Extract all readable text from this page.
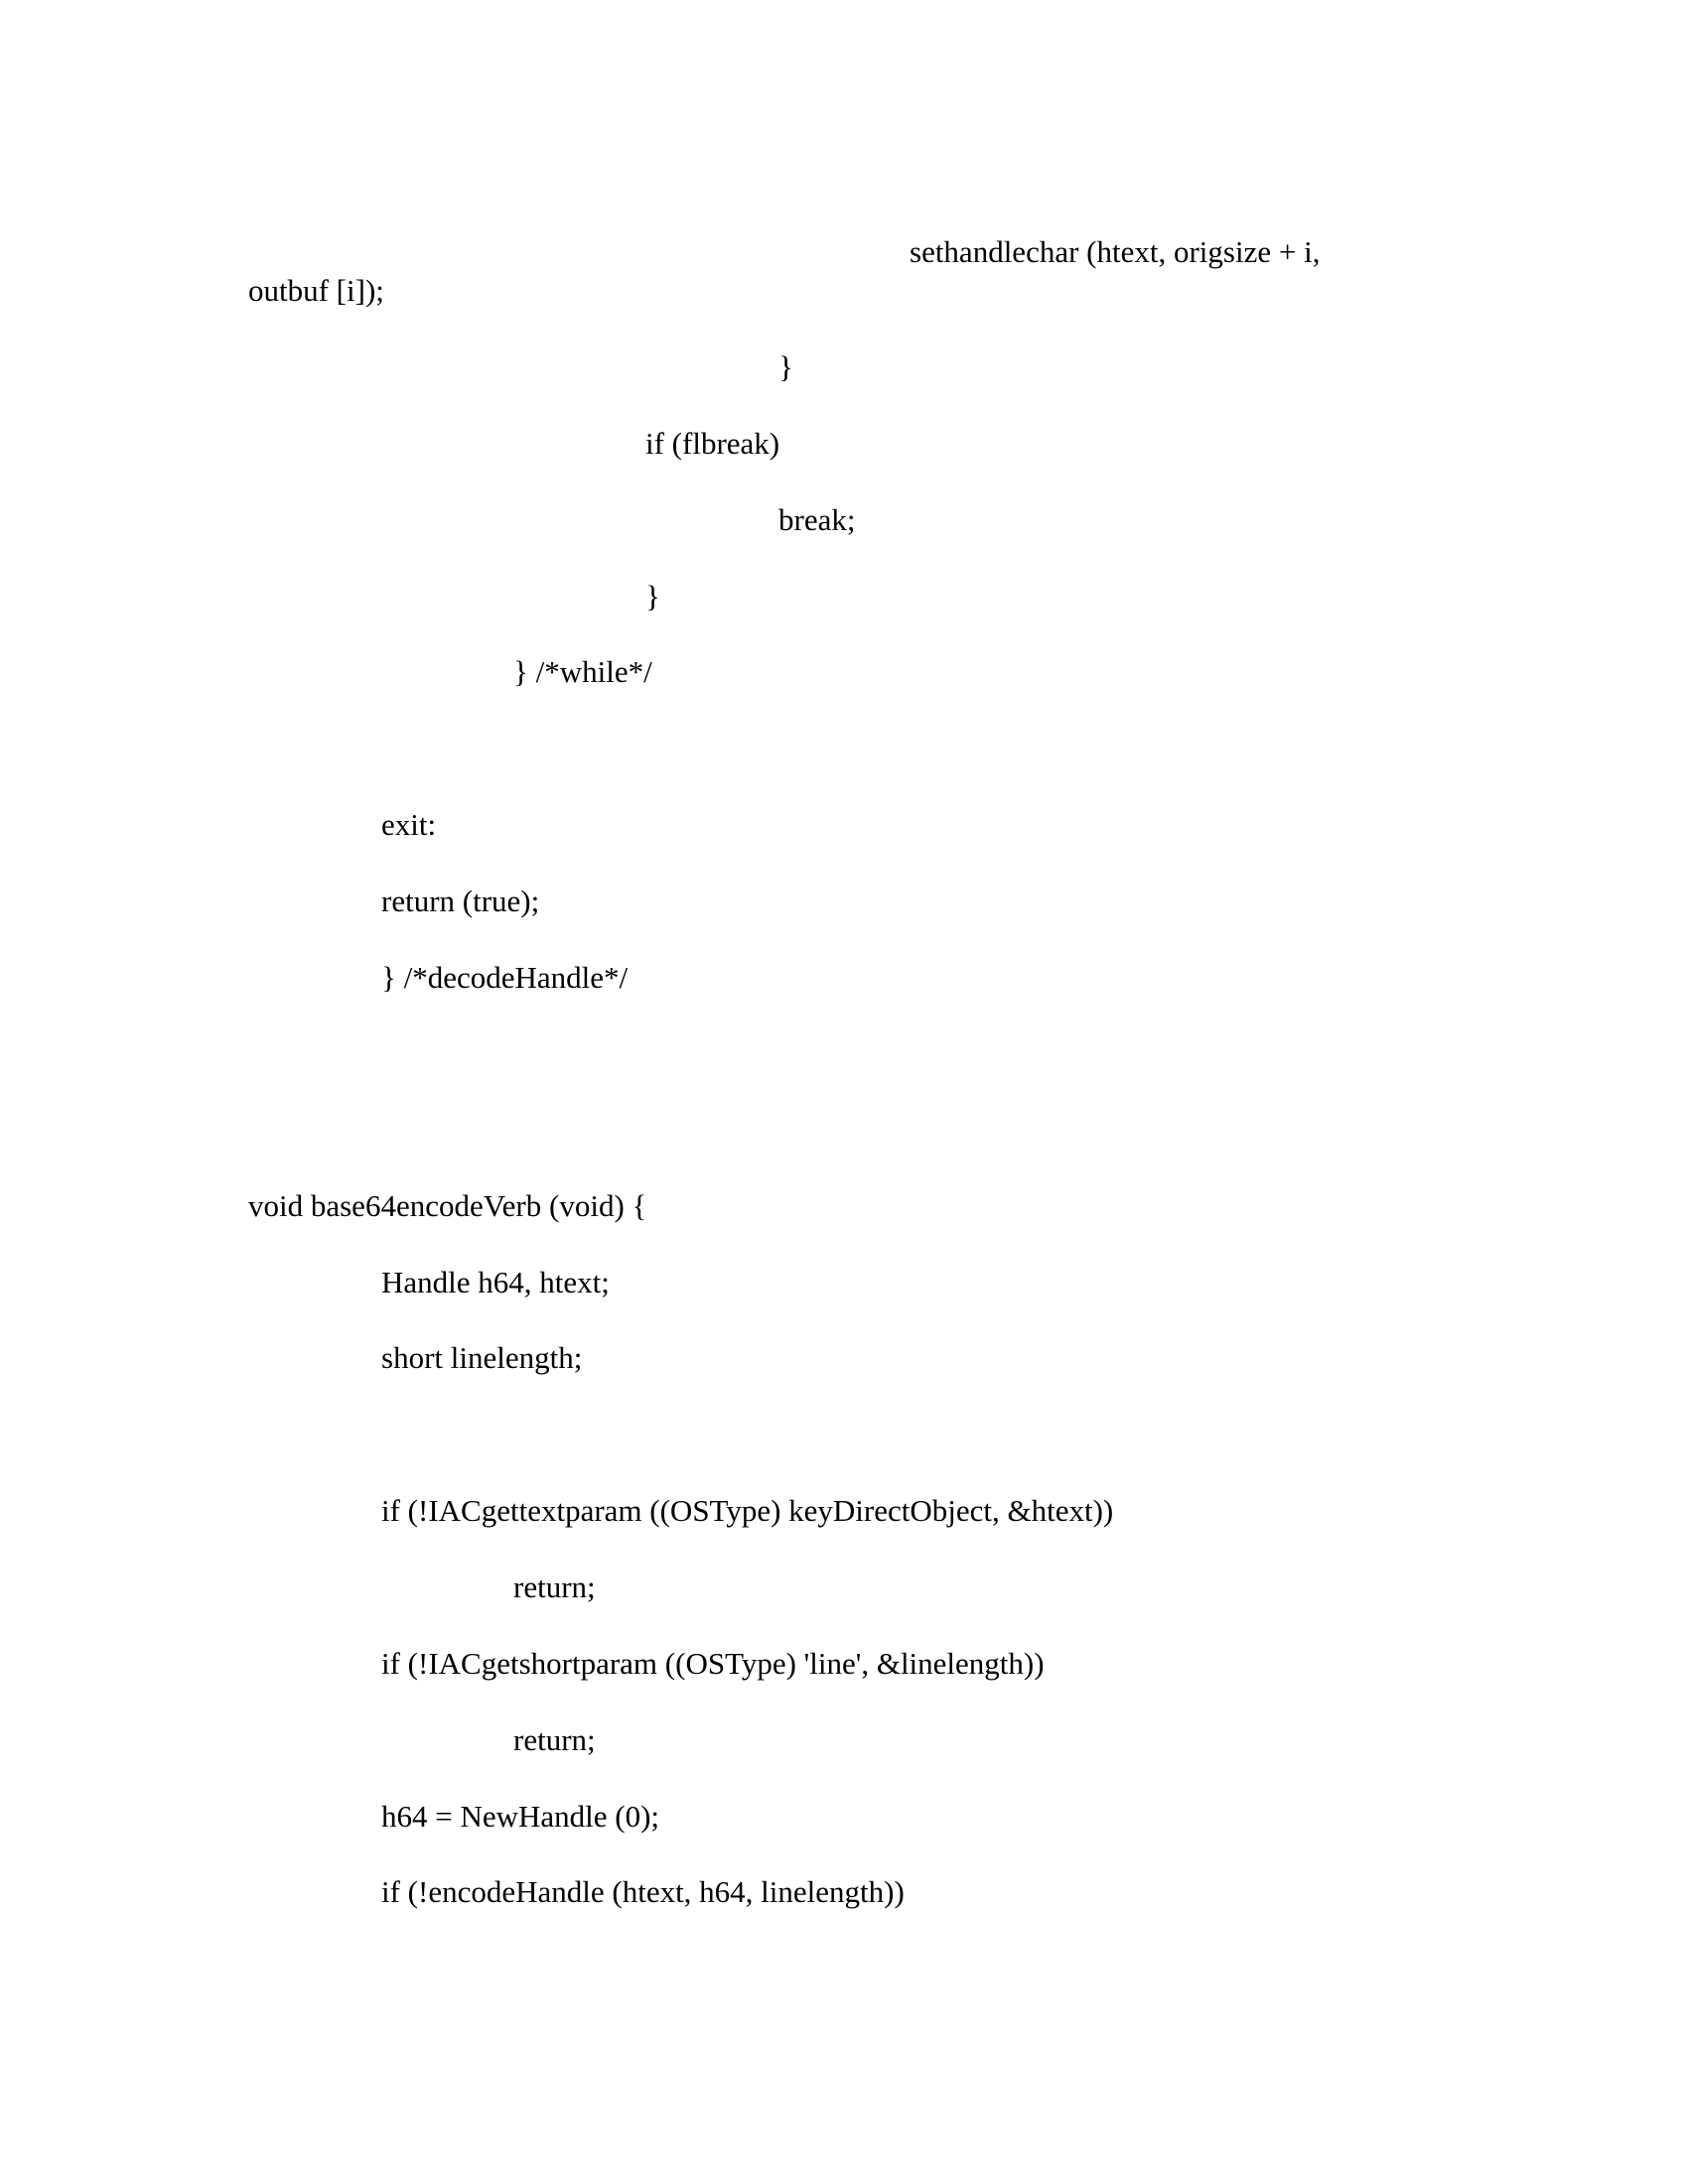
sethandlechar (htext, origsize + i,
outbuf [i]);
}
if (flbreak)
break;
}
} /*while*/
exit:
return (true);
} /*decodeHandle*/
void base64encodeVerb (void) {
Handle h64, htext;
short linelength;
if (!IACgettextparam ((OSType) keyDirectObject, &htext))
return;
if (!IACgetshortparam ((OSType) 'line', &linelength))
return;
h64 = NewHandle (0);
if (!encodeHandle (htext, h64, linelength))
